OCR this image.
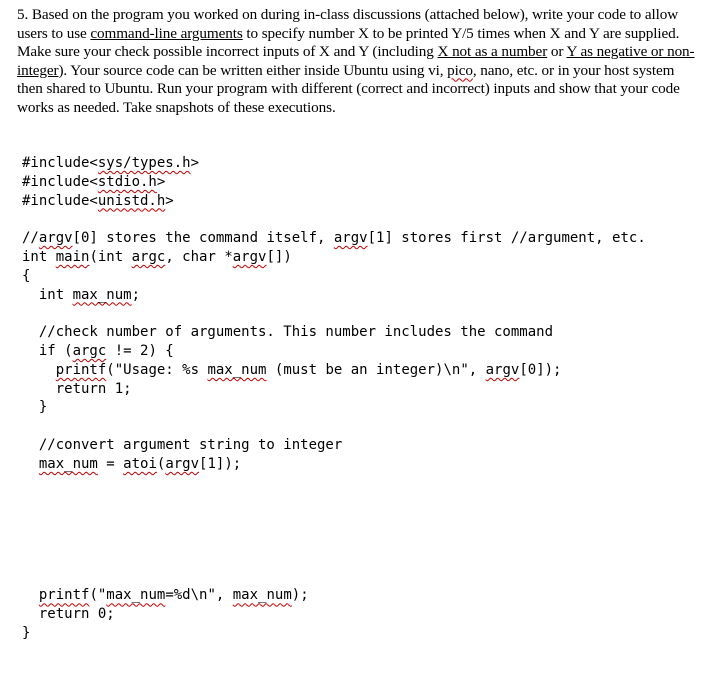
5. Based on the program you worked on during in-class discussions (attached below), write your code to allow users to use command-line arguments to specify number X to be printed Y/5 times when X and Y are supplied. Make sure your check possible incorrect inputs of X and Y (including X not as a number or Y as negative or non-integer). Your source code can be written either inside Ubuntu using vi, pico, nano, etc. or in your host system then shared to Ubuntu. Run your program with different (correct and incorrect) inputs and show that your code works as needed. Take snapshots of these executions.

#include<sys/types.h>
#include<stdio.h>
#include<unistd.h>
//argv[0] stores the command itself, argv[1] stores first //argument, etc.
int main(int argc, char *argv[])
{
int max_num;
//check number of arguments. This number includes the command
if (argc != 2) {
printf("Usage: %s max_num (must be an integer)\n", argv[0]);
return 1;
}
//convert argument string to integer
max_num = atoi(argv[1]);
printf("max_num=%d\n", max_num);
return 0;
}
